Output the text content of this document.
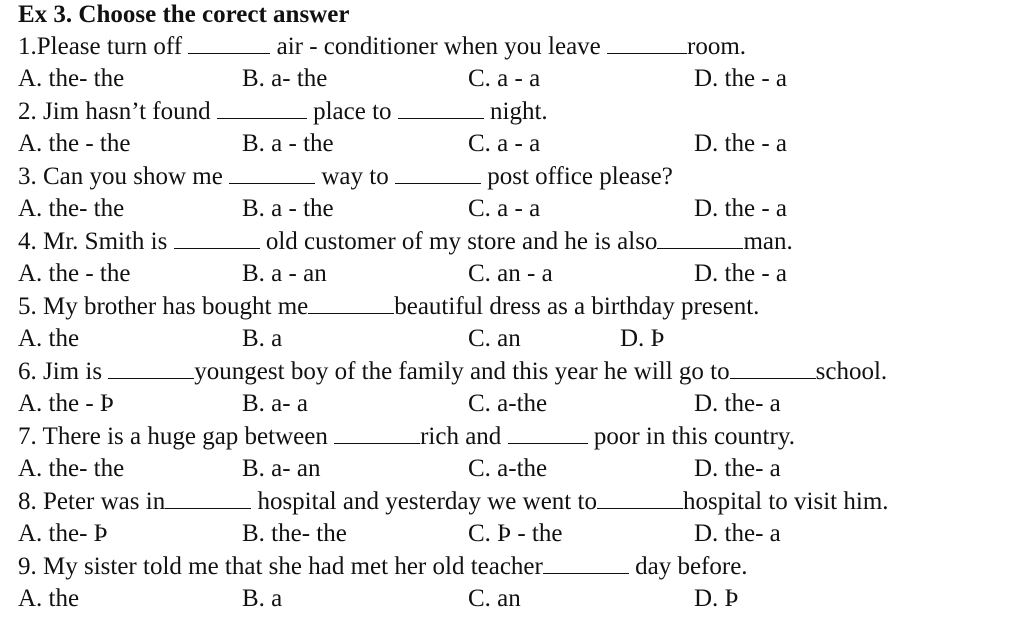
Ex 3. Choose the corect answer
1.Please turn off	air - conditioner when you leave	room.
A. the- the	B. a- the	C. a - a	D. the - a
2. Jim hasn’t found	place to	night.
A. the - the	B. a - the	C. a - a	D. the - a
3. Can you show me	way to	post office please?
A. the- the	B. a - the	C. a - a	D. the - a
4. Mr. Smith is	old customer of my store and he is also	man.
A. the - the	B. a - an	C. an - a	D. the - a
5. My brother has bought me	beautiful dress as a birthday present.
A. the	B. a	C. an	D. Þ
6. Jim is	youngest boy of the family and this year he will go to	school.
A. the - Þ	B. a- a	C. a-the	D. the- a
7. There is a huge gap between	rich and	poor in this country.
A. the- the	B. a- an	C. a-the	D. the- a
8. Peter was in	hospital and yesterday we went to	hospital to visit him.
A. the- Þ	B. the- the	C. Þ - the	D. the- a
9. My sister told me that she had met her old teacher	day before.
A. the	B. a	C. an	D. Þ
